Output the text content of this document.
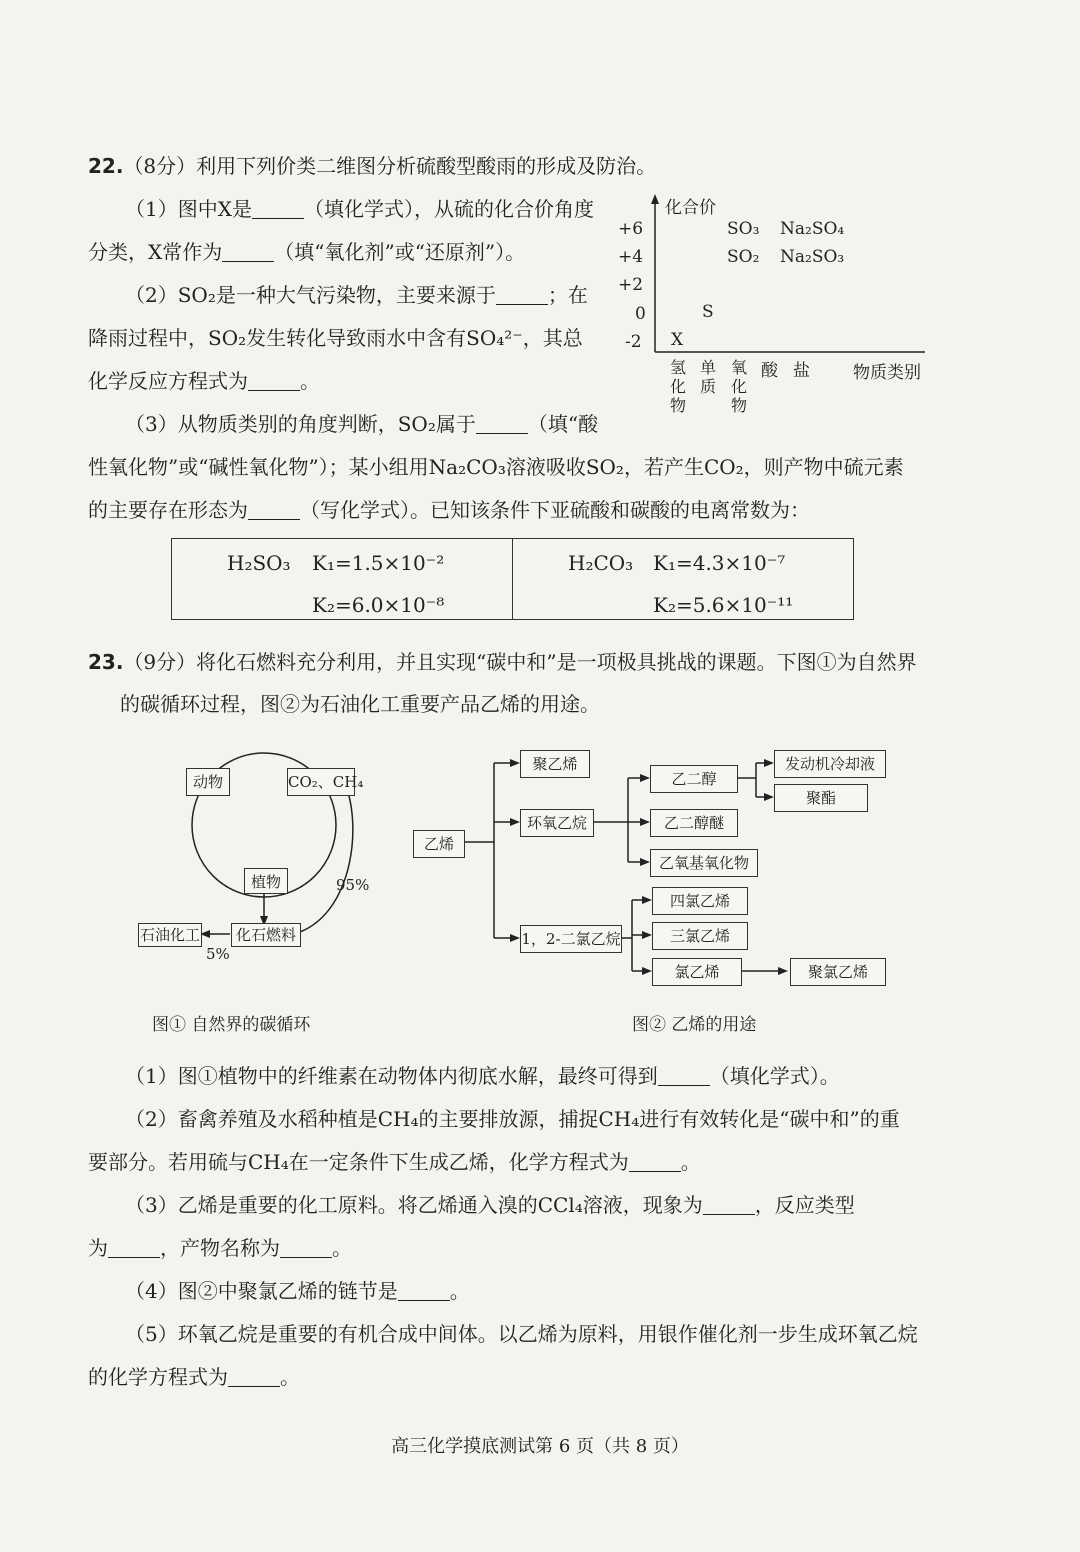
22.（8分）利用下列价类二维图分析硫酸型酸雨的形成及防治。
（1）图中X是	（填化学式），从硫的化合价角度
分类，X常作为	（填“氧化剂”或“还原剂”）。
（2）SO₂是一种大气污染物，主要来源于	；在
降雨过程中，SO₂发生转化导致雨水中含有SO₄²⁻，其总
化学反应方程式为	。
（3）从物质类别的角度判断，SO₂属于	（填“酸
性氧化物”或“碱性氧化物”）；某小组用Na₂CO₃溶液吸收SO₂，若产生CO₂，则产物中硫元素
的主要存在形态为	（写化学式）。已知该条件下亚硫酸和碳酸的电离常数为：
H₂SO₃ K₁=1.5×10⁻²
K₂=6.0×10⁻⁸

H₂CO₃ K₁=4.3×10⁻⁷
K₂=5.6×10⁻¹¹
化合价
+6
+4
+2
0
-2
SO₃ Na₂SO₄
SO₂ Na₂SO₃
S
X
氢化物
单质
氧化物
酸 盐	物质类别
23.（9分）将化石燃料充分利用，并且实现“碳中和”是一项极具挑战的课题。下图①为自然界
的碳循环过程，图②为石油化工重要产品乙烯的用途。
动物	CO₂、CH₄
植物
化石燃料
石油化工
95%
5%
图① 自然界的碳循环
乙烯
聚乙烯
环氧乙烷
1，2-二氯乙烷
乙二醇
乙二醇醚
乙氧基氧化物
发动机冷却液
聚酯
四氯乙烯
三氯乙烯
氯乙烯	聚氯乙烯
图② 乙烯的用途
（1）图①植物中的纤维素在动物体内彻底水解，最终可得到	（填化学式）。
（2）畜禽养殖及水稻种植是CH₄的主要排放源，捕捉CH₄进行有效转化是“碳中和”的重
要部分。若用硫与CH₄在一定条件下生成乙烯，化学方程式为	。
（3）乙烯是重要的化工原料。将乙烯通入溴的CCl₄溶液，现象为	，反应类型
为	，产物名称为	。
（4）图②中聚氯乙烯的链节是	。
（5）环氧乙烷是重要的有机合成中间体。以乙烯为原料，用银作催化剂一步生成环氧乙烷
的化学方程式为	。
高三化学摸底测试第 6 页（共 8 页）
